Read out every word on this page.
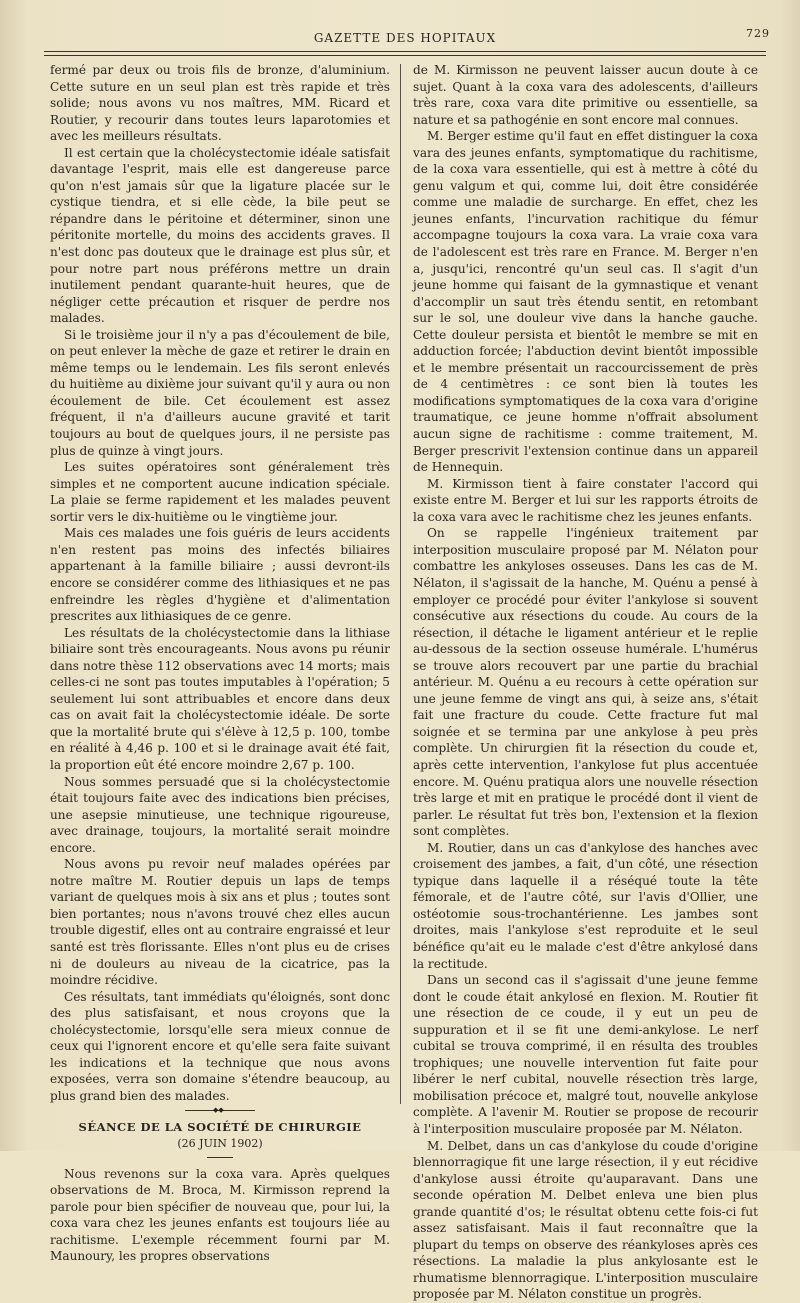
GAZETTE DES HOPITAUX	729

fermé par deux ou trois fils de bronze, d'aluminium. Cette suture en un seul plan est très rapide et très solide; nous avons vu nos maîtres, MM. Ricard et Routier, y recourir dans toutes leurs laparotomies et avec les meilleurs résultats.

Il est certain que la cholécystectomie idéale satisfait davantage l'esprit, mais elle est dangereuse parce qu'on n'est jamais sûr que la ligature placée sur le cystique tiendra, et si elle cède, la bile peut se répandre dans le péritoine et déterminer, sinon une péritonite mortelle, du moins des accidents graves. Il n'est donc pas douteux que le drainage est plus sûr, et pour notre part nous préférons mettre un drain inutilement pendant quarante-huit heures, que de négliger cette précaution et risquer de perdre nos malades.

Si le troisième jour il n'y a pas d'écoulement de bile, on peut enlever la mèche de gaze et retirer le drain en même temps ou le lendemain. Les fils seront enlevés du huitième au dixième jour suivant qu'il y aura ou non écoulement de bile. Cet écoulement est assez fréquent, il n'a d'ailleurs aucune gravité et tarit toujours au bout de quelques jours, il ne persiste pas plus de quinze à vingt jours.

Les suites opératoires sont généralement très simples et ne comportent aucune indication spéciale. La plaie se ferme rapidement et les malades peuvent sortir vers le dix-huitième ou le vingtième jour.

Mais ces malades une fois guéris de leurs accidents n'en restent pas moins des infectés biliaires appartenant à la famille biliaire ; aussi devront-ils encore se considérer comme des lithiasiques et ne pas enfreindre les règles d'hygiène et d'alimentation prescrites aux lithiasiques de ce genre.

Les résultats de la cholécystectomie dans la lithiase biliaire sont très encourageants. Nous avons pu réunir dans notre thèse 112 observations avec 14 morts; mais celles-ci ne sont pas toutes imputables à l'opération; 5 seulement lui sont attribuables et encore dans deux cas on avait fait la cholécystectomie idéale. De sorte que la mortalité brute qui s'élève à 12,5 p. 100, tombe en réalité à 4,46 p. 100 et si le drainage avait été fait, la proportion eût été encore moindre 2,67 p. 100.

Nous sommes persuadé que si la cholécystectomie était toujours faite avec des indications bien précises, une asepsie minutieuse, une technique rigoureuse, avec drainage, toujours, la mortalité serait moindre encore.

Nous avons pu revoir neuf malades opérées par notre maître M. Routier depuis un laps de temps variant de quelques mois à six ans et plus ; toutes sont bien portantes; nous n'avons trouvé chez elles aucun trouble digestif, elles ont au contraire engraissé et leur santé est très florissante. Elles n'ont plus eu de crises ni de douleurs au niveau de la cicatrice, pas la moindre récidive.

Ces résultats, tant immédiats qu'éloignés, sont donc des plus satisfaisant, et nous croyons que la cholécystectomie, lorsqu'elle sera mieux connue de ceux qui l'ignorent encore et qu'elle sera faite suivant les indications et la technique que nous avons exposées, verra son domaine s'étendre beaucoup, au plus grand bien des malades.

◆◆
SÉANCE DE LA SOCIÉTÉ DE CHIRURGIE
(26 JUIN 1902)

Nous revenons sur la coxa vara. Après quelques observations de M. Broca, M. Kirmisson reprend la parole pour bien spécifier de nouveau que, pour lui, la coxa vara chez les jeunes enfants est toujours liée au rachitisme. L'exemple récemment fourni par M. Maunoury, les propres observations

de M. Kirmisson ne peuvent laisser aucun doute à ce sujet. Quant à la coxa vara des adolescents, d'ailleurs très rare, coxa vara dite primitive ou essentielle, sa nature et sa pathogénie en sont encore mal connues.

M. Berger estime qu'il faut en effet distinguer la coxa vara des jeunes enfants, symptomatique du rachitisme, de la coxa vara essentielle, qui est à mettre à côté du genu valgum et qui, comme lui, doit être considérée comme une maladie de surcharge. En effet, chez les jeunes enfants, l'incurvation rachitique du fémur accompagne toujours la coxa vara. La vraie coxa vara de l'adolescent est très rare en France. M. Berger n'en a, jusqu'ici, rencontré qu'un seul cas. Il s'agit d'un jeune homme qui faisant de la gymnastique et venant d'accomplir un saut très étendu sentit, en retombant sur le sol, une douleur vive dans la hanche gauche. Cette douleur persista et bientôt le membre se mit en adduction forcée; l'abduction devint bientôt impossible et le membre présentait un raccourcissement de près de 4 centimètres : ce sont bien là toutes les modifications symptomatiques de la coxa vara d'origine traumatique, ce jeune homme n'offrait absolument aucun signe de rachitisme : comme traitement, M. Berger prescrivit l'extension continue dans un appareil de Hennequin.

M. Kirmisson tient à faire constater l'accord qui existe entre M. Berger et lui sur les rapports étroits de la coxa vara avec le rachitisme chez les jeunes enfants.

On se rappelle l'ingénieux traitement par interposition musculaire proposé par M. Nélaton pour combattre les ankyloses osseuses. Dans les cas de M. Nélaton, il s'agissait de la hanche, M. Quénu a pensé à employer ce procédé pour éviter l'ankylose si souvent consécutive aux résections du coude. Au cours de la résection, il détache le ligament antérieur et le replie au-dessous de la section osseuse humérale. L'humérus se trouve alors recouvert par une partie du brachial antérieur. M. Quénu a eu recours à cette opération sur une jeune femme de vingt ans qui, à seize ans, s'était fait une fracture du coude. Cette fracture fut mal soignée et se termina par une ankylose à peu près complète. Un chirurgien fit la résection du coude et, après cette intervention, l'ankylose fut plus accentuée encore. M. Quénu pratiqua alors une nouvelle résection très large et mit en pratique le procédé dont il vient de parler. Le résultat fut très bon, l'extension et la flexion sont complètes.

M. Routier, dans un cas d'ankylose des hanches avec croisement des jambes, a fait, d'un côté, une résection typique dans laquelle il a réséqué toute la tête fémorale, et de l'autre côté, sur l'avis d'Ollier, une ostéotomie sous-trochantérienne. Les jambes sont droites, mais l'ankylose s'est reproduite et le seul bénéfice qu'ait eu le malade c'est d'être ankylosé dans la rectitude.

Dans un second cas il s'agissait d'une jeune femme dont le coude était ankylosé en flexion. M. Routier fit une résection de ce coude, il y eut un peu de suppuration et il se fit une demi-ankylose. Le nerf cubital se trouva comprimé, il en résulta des troubles trophiques; une nouvelle intervention fut faite pour libérer le nerf cubital, nouvelle résection très large, mobilisation précoce et, malgré tout, nouvelle ankylose complète. A l'avenir M. Routier se propose de recourir à l'interposition musculaire proposée par M. Nélaton.

M. Delbet, dans un cas d'ankylose du coude d'origine blennorragique fit une large résection, il y eut récidive d'ankylose aussi étroite qu'auparavant. Dans une seconde opération M. Delbet enleva une bien plus grande quantité d'os; le résultat obtenu cette fois-ci fut assez satisfaisant. Mais il faut reconnaître que la plupart du temps on observe des réankyloses après ces résections. La maladie la plus ankylosante est le rhumatisme blennorragique. L'interposition musculaire proposée par M. Nélaton constitue un progrès.
